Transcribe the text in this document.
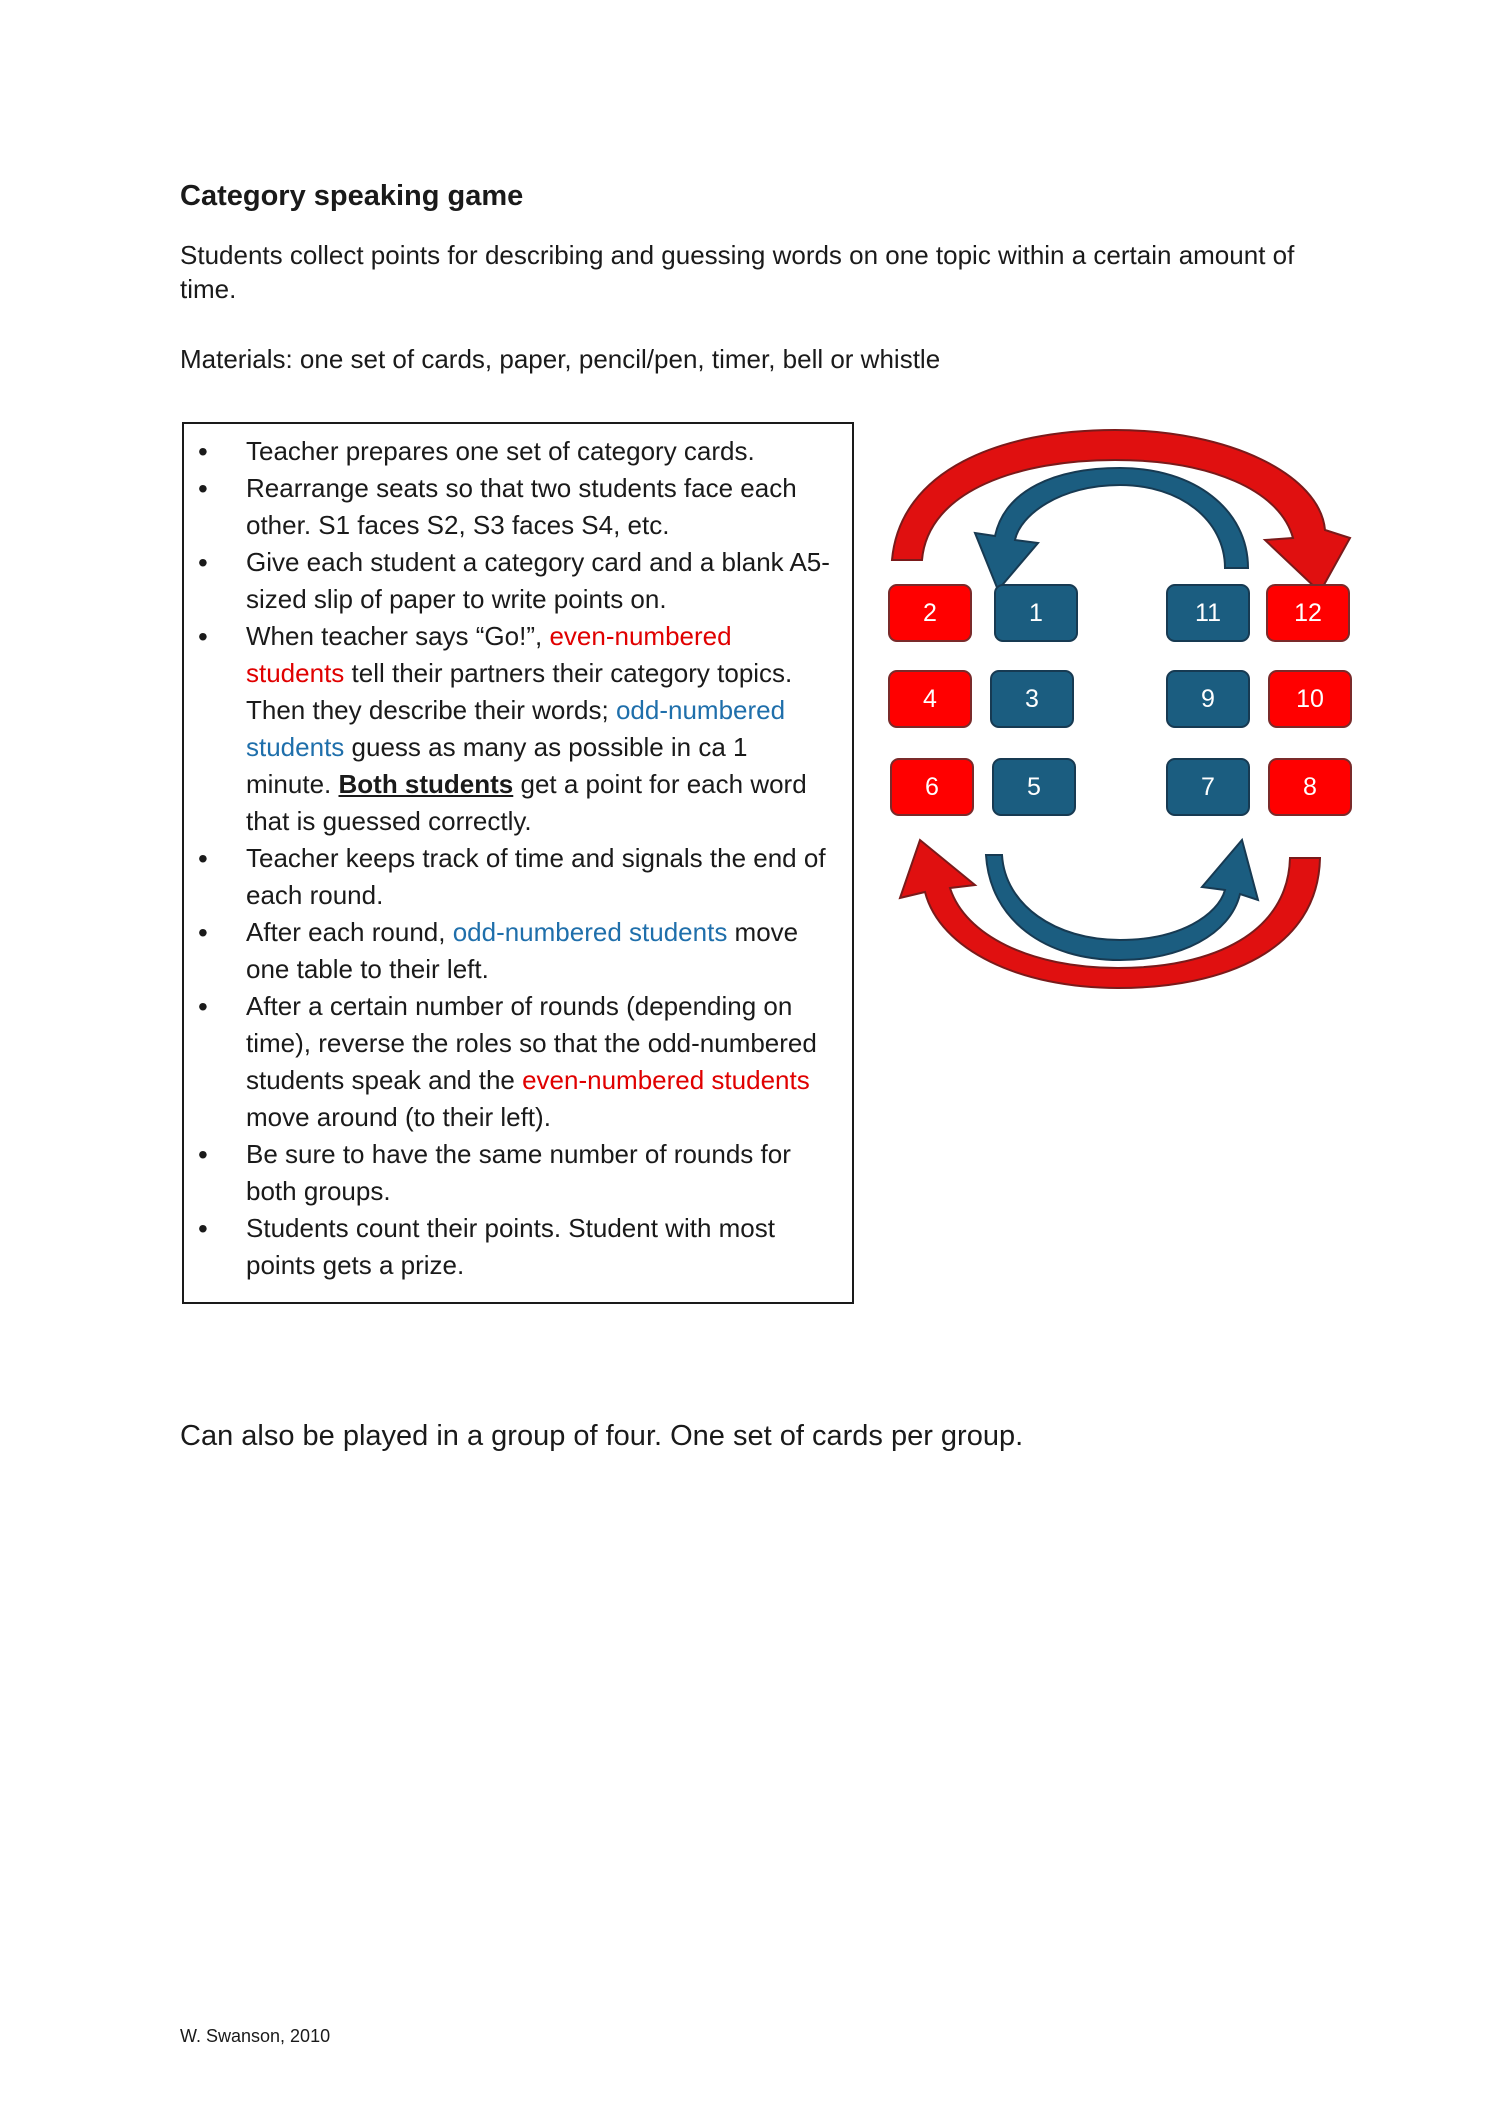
Category speaking game

Students collect points for describing and guessing words on one topic within a certain amount of time.

Materials: one set of cards, paper, pencil/pen, timer, bell or whistle

• Teacher prepares one set of category cards.
• Rearrange seats so that two students face each other. S1 faces S2, S3 faces S4, etc.
• Give each student a category card and a blank A5-sized slip of paper to write points on.
• When teacher says “Go!”, even-numbered students tell their partners their category topics. Then they describe their words; odd-numbered students guess as many as possible in ca 1 minute. Both students get a point for each word that is guessed correctly.
• Teacher keeps track of time and signals the end of each round.
• After each round, odd-numbered students move one table to their left.
• After a certain number of rounds (depending on time), reverse the roles so that the odd-numbered students speak and the even-numbered students move around (to their left).
• Be sure to have the same number of rounds for both groups.
• Students count their points. Student with most points gets a prize.
2	1	11	12
4	3	9	10
6	5	7	8

Can also be played in a group of four. One set of cards per group.

W. Swanson, 2010
